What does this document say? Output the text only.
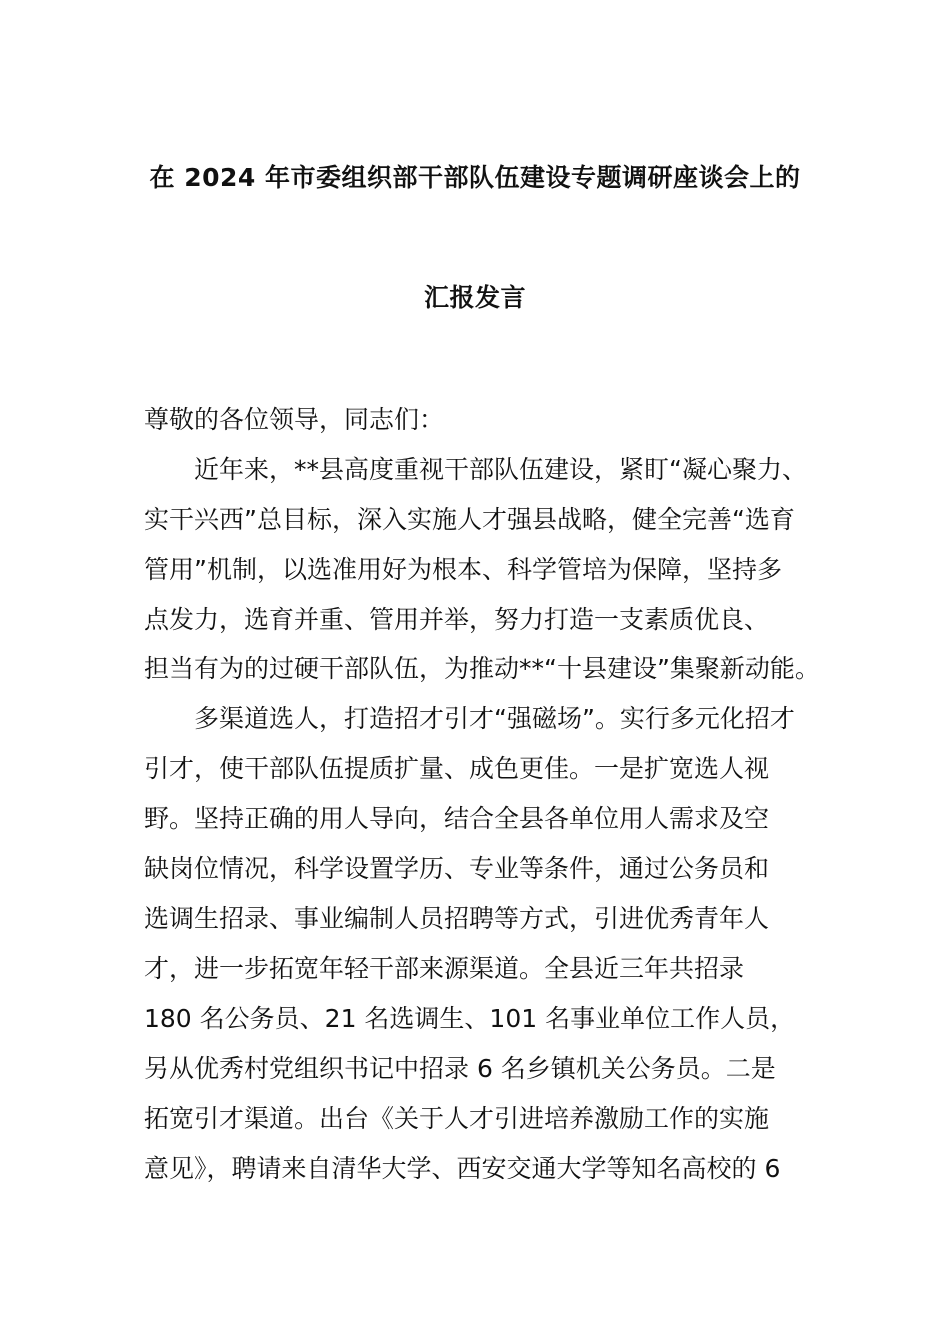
在 2024 年市委组织部干部队伍建设专题调研座谈会上的
汇报发言
尊敬的各位领导，同志们：
近年来，**县高度重视干部队伍建设，紧盯“凝心聚力、
实干兴西”总目标，深入实施人才强县战略，健全完善“选育
管用”机制，以选准用好为根本、科学管培为保障，坚持多
点发力，选育并重、管用并举，努力打造一支素质优良、
担当有为的过硬干部队伍，为推动**“十县建设”集聚新动能。
多渠道选人，打造招才引才“强磁场”。实行多元化招才
引才，使干部队伍提质扩量、成色更佳。一是扩宽选人视
野。坚持正确的用人导向，结合全县各单位用人需求及空
缺岗位情况，科学设置学历、专业等条件，通过公务员和
选调生招录、事业编制人员招聘等方式，引进优秀青年人
才，进一步拓宽年轻干部来源渠道。全县近三年共招录
180 名公务员、21 名选调生、101 名事业单位工作人员，
另从优秀村党组织书记中招录 6 名乡镇机关公务员。二是
拓宽引才渠道。出台《关于人才引进培养激励工作的实施
意见》，聘请来自清华大学、西安交通大学等知名高校的 6
